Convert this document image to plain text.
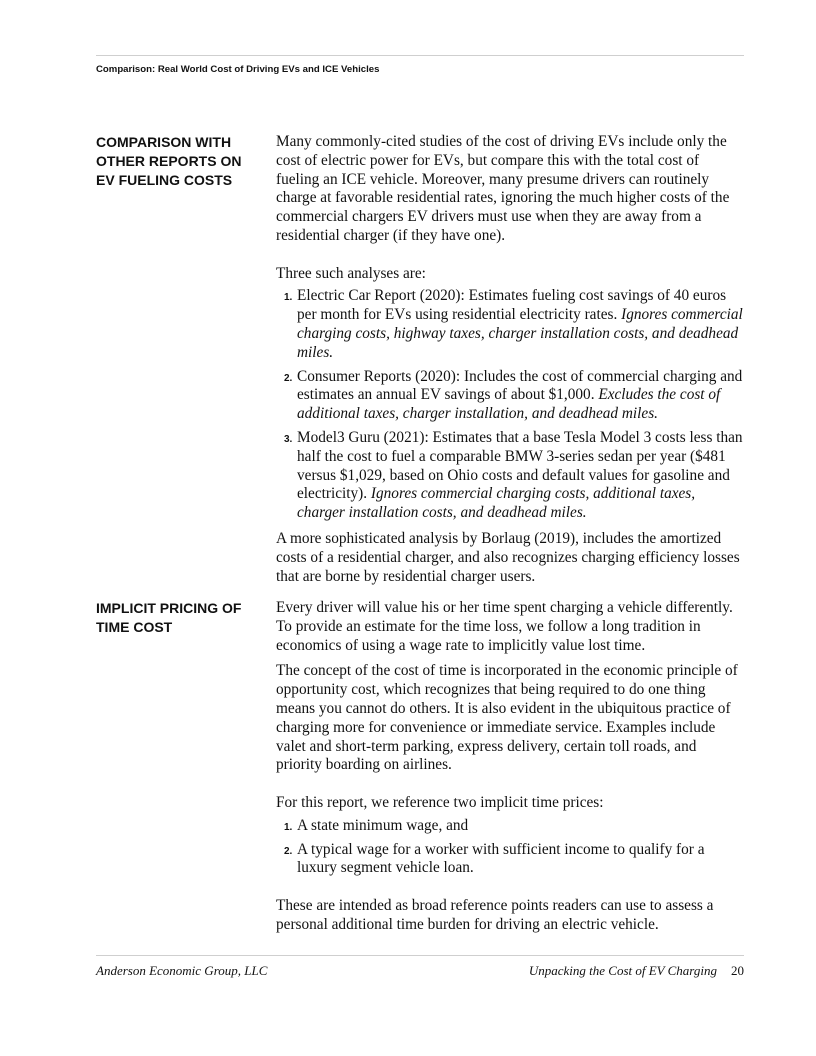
Comparison: Real World Cost of Driving EVs and ICE Vehicles
COMPARISON WITH OTHER REPORTS ON EV FUELING COSTS

Many commonly-cited studies of the cost of driving EVs include only the cost of electric power for EVs, but compare this with the total cost of fueling an ICE vehicle. Moreover, many presume drivers can routinely charge at favorable residential rates, ignoring the much higher costs of the commercial chargers EV drivers must use when they are away from a residential charger (if they have one).

Three such analyses are:

1. Electric Car Report (2020): Estimates fueling cost savings of 40 euros per month for EVs using residential electricity rates. Ignores commercial charging costs, highway taxes, charger installation costs, and deadhead miles.
2. Consumer Reports (2020): Includes the cost of commercial charging and estimates an annual EV savings of about $1,000. Excludes the cost of additional taxes, charger installation, and deadhead miles.
3. Model3 Guru (2021): Estimates that a base Tesla Model 3 costs less than half the cost to fuel a comparable BMW 3-series sedan per year ($481 versus $1,029, based on Ohio costs and default values for gasoline and electricity). Ignores commercial charging costs, additional taxes, charger installation costs, and deadhead miles.

A more sophisticated analysis by Borlaug (2019), includes the amortized costs of a residential charger, and also recognizes charging efficiency losses that are borne by residential charger users.

IMPLICIT PRICING OF TIME COST

Every driver will value his or her time spent charging a vehicle differently. To provide an estimate for the time loss, we follow a long tradition in economics of using a wage rate to implicitly value lost time.

The concept of the cost of time is incorporated in the economic principle of opportunity cost, which recognizes that being required to do one thing means you cannot do others. It is also evident in the ubiquitous practice of charging more for convenience or immediate service. Examples include valet and short-term parking, express delivery, certain toll roads, and priority boarding on airlines.

For this report, we reference two implicit time prices:

1. A state minimum wage, and
2. A typical wage for a worker with sufficient income to qualify for a luxury segment vehicle loan.

These are intended as broad reference points readers can use to assess a personal additional time burden for driving an electric vehicle.

Anderson Economic Group, LLC	Unpacking the Cost of EV Charging 20
